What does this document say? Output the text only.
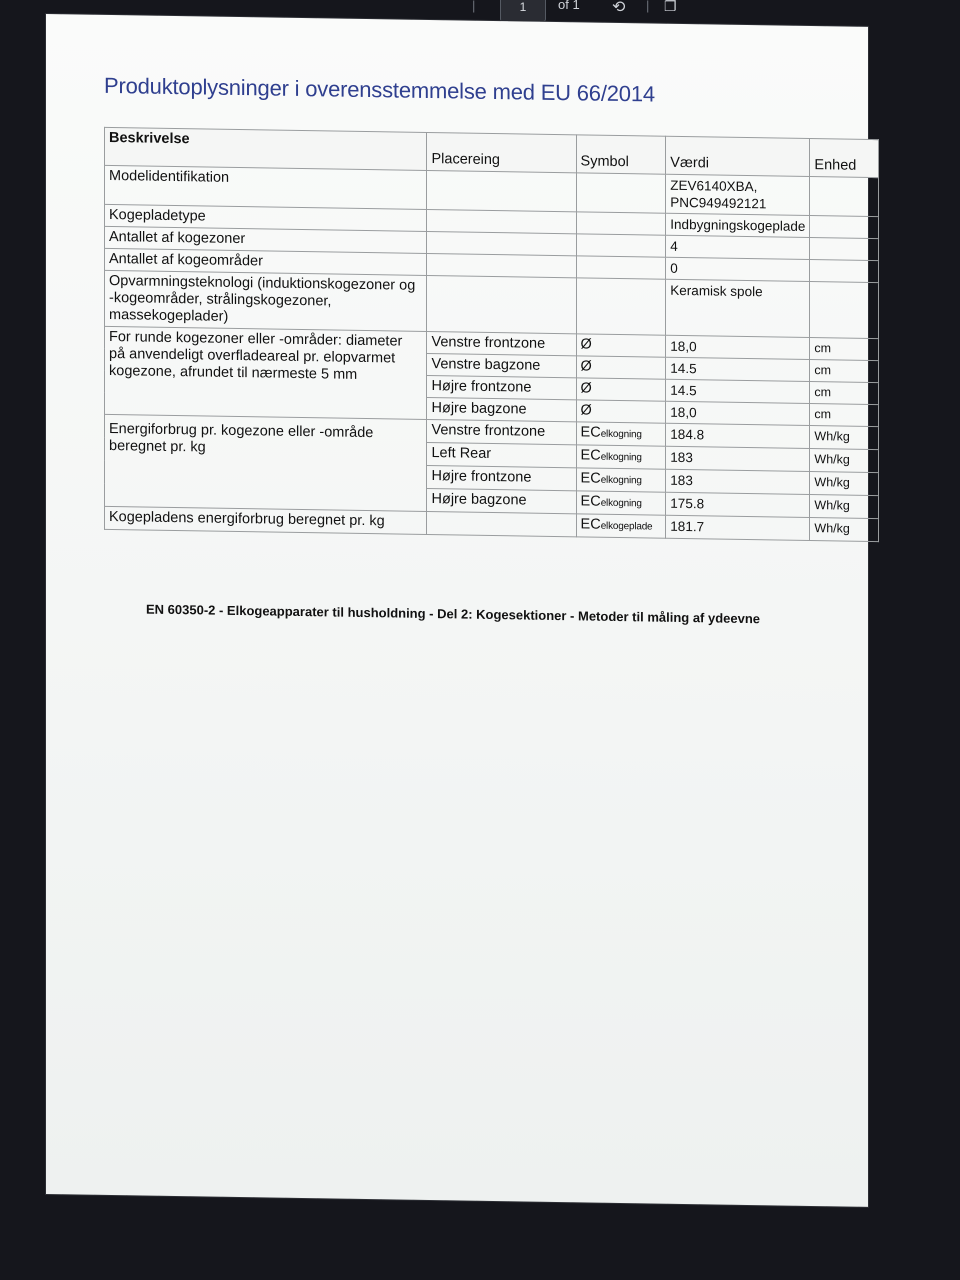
|	1	of 1 ⟲ | ❐
Produktoplysninger i overensstemmelse med EU 66/2014
Beskrivelse	Placereing	Symbol	Værdi	Enhed
Modelidentifikation			ZEV6140XBA, PNC949492121	
Kogepladetype			Indbygningskogeplade	
Antallet af kogezoner			4	
Antallet af kogeområder			0	
Opvarmningsteknologi (induktionskogezoner og -kogeområder, strålingskogezoner, massekogeplader)			Keramisk spole	
For runde kogezoner eller -områder: diameter på anvendeligt overfladeareal pr. elopvarmet kogezone, afrundet til nærmeste 5 mm	Venstre frontzone	Ø	18,0	cm
	Venstre bagzone	Ø	14.5	cm
	Højre frontzone	Ø	14.5	cm
	Højre bagzone	Ø	18,0	cm
Energiforbrug pr. kogezone eller -område beregnet pr. kg	Venstre frontzone	ECelkogning	184.8	Wh/kg
	Left Rear	ECelkogning	183	Wh/kg
	Højre frontzone	ECelkogning	183	Wh/kg
	Højre bagzone	ECelkogning	175.8	Wh/kg
Kogepladens energiforbrug beregnet pr. kg		ECelkogeplade	181.7	Wh/kg
EN 60350-2 - Elkogeapparater til husholdning - Del 2: Kogesektioner - Metoder til måling af ydeevne
